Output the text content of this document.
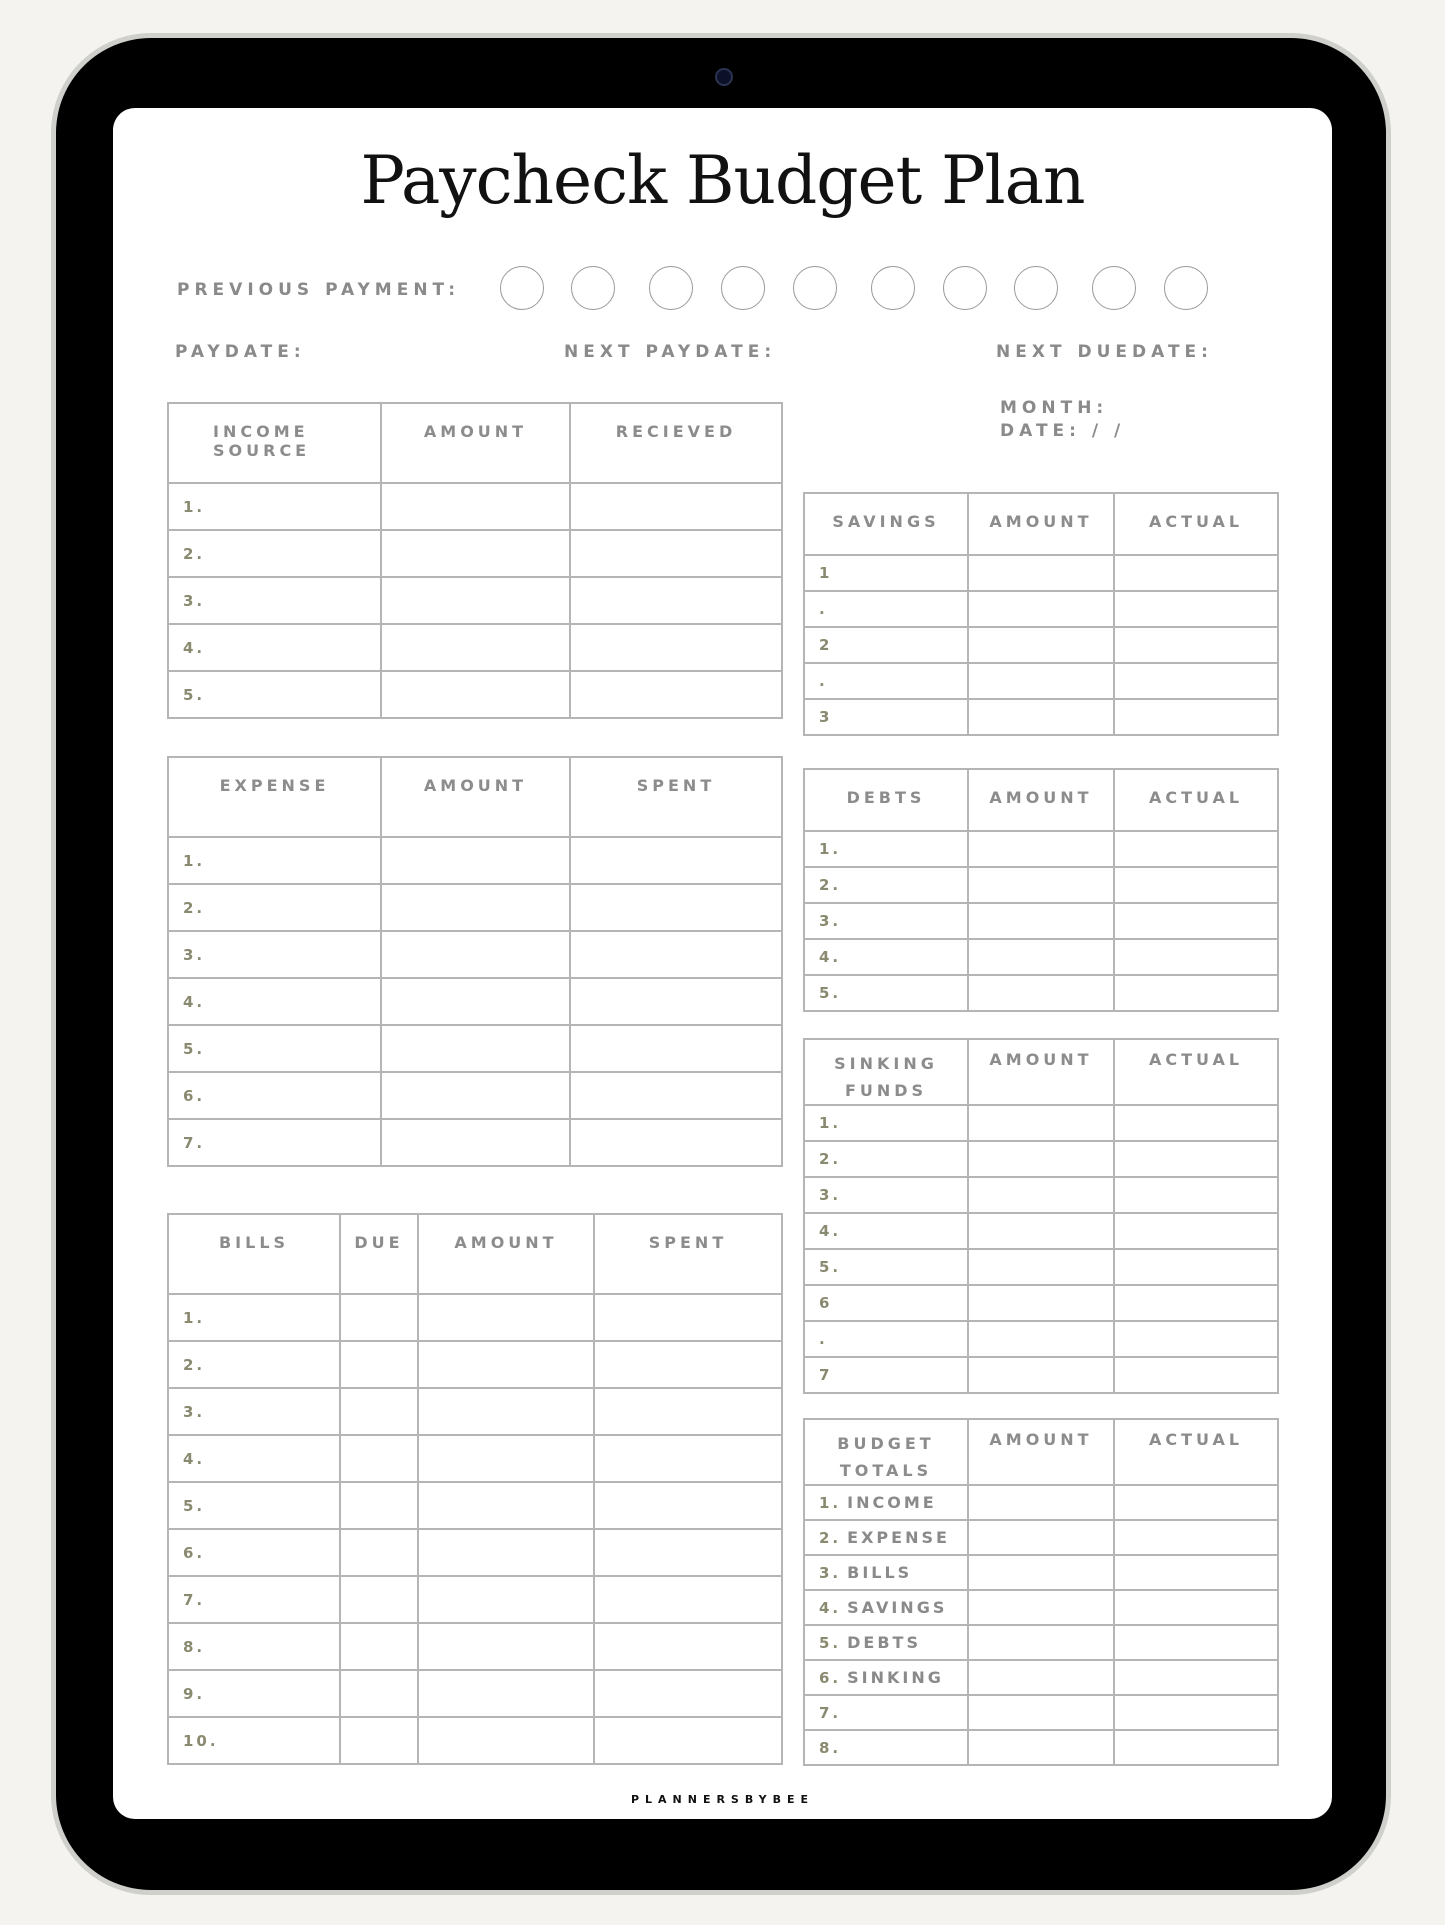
Paycheck Budget Plan
PREVIOUS PAYMENT:
PAYDATE:	NEXT PAYDATE:	NEXT DUEDATE:
MONTH:
DATE: / /
INCOME SOURCE	AMOUNT	RECIEVED
1.		
2.		
3.		
4.		
5.		
EXPENSE	AMOUNT	SPENT
1.		
2.		
3.		
4.		
5.		
6.		
7.		
BILLS	DUE	AMOUNT	SPENT
1.			
2.			
3.			
4.			
5.			
6.			
7.			
8.			
9.			
10.			
SAVINGS	AMOUNT	ACTUAL
1		
.		
2		
.		
3		
DEBTS	AMOUNT	ACTUAL
1.		
2.		
3.		
4.		
5.		
SINKING FUNDS	AMOUNT	ACTUAL
1.		
2.		
3.		
4.		
5.		
6		
.		
7		
BUDGET TOTALS	AMOUNT	ACTUAL
1. INCOME		
2. EXPENSE		
3. BILLS		
4. SAVINGS		
5. DEBTS		
6. SINKING		
7.		
8.		
PLANNERSBYBEE
